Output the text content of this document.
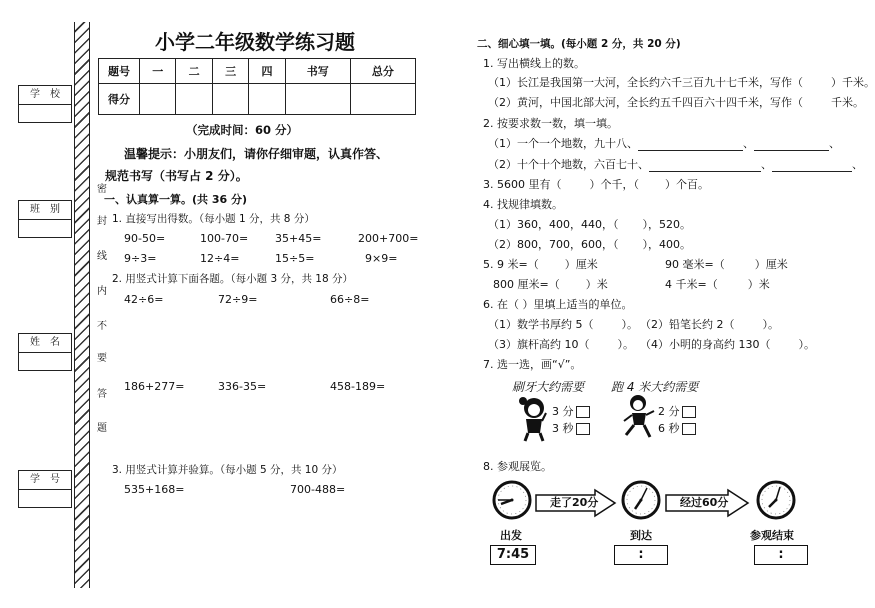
学　校
班　别
姓　名
学　号
密
封
线
内
不
要
答
题
小学二年级数学练习题
题号	一	二	三	四	书写	总分
得分						
（完成时间：60 分）
温馨提示：小朋友们，请你仔细审题，认真作答、
规范书写（书写占 2 分）。
一、认真算一算。(共 36 分)
1. 直接写出得数。（每小题 1 分，共 8 分）
90-50=	100-70= 35+45=	200+700=
9÷3=	12÷4=	15÷5=	9×9=
2. 用竖式计算下面各题。（每小题 3 分，共 18 分）
42÷6=	72÷9=	66÷8=
186+277=	336-35=	458-189=
3. 用竖式计算并验算。（每小题 5 分，共 10 分）
535+168=	700-488=
二、细心填一填。(每小题 2 分，共 20 分)
1. 写出横线上的数。
（1）长江是我国第一大河，全长约六千三百九十七千米，写作（	）千米。
（2）黄河，中国北部大河，全长约五千四百六十四千米，写作（	千米。
2. 按要求数一数，填一填。
（1）一个一个地数，九十八、	、	、
（2）十个十个地数，六百七十、	、	、
3. 5600 里有（	）个千，（ ）个百。
4. 找规律填数。
（1）360，400，440，（ ），520。
（2）800，700，600，（ ），400。
5. 9 米=（ ）厘米	90 毫米=（	）厘米
800 厘米=（ ）米	4 千米=（	）米
6. 在（ ）里填上适当的单位。
（1）数学书厚约 5（	）。 （2）铅笔长约 2（	）。
（3）旗杆高约 10（	）。 （4）小明的身高约 130（	）。
7. 选一选，画“√”。
刷牙大约需要 跑 4 米大约需要
3 分
3 秒
2 分
6 秒
8. 参观展览。
走了20分	经过60分
出发	到达	参观结束
7:45	:	:
